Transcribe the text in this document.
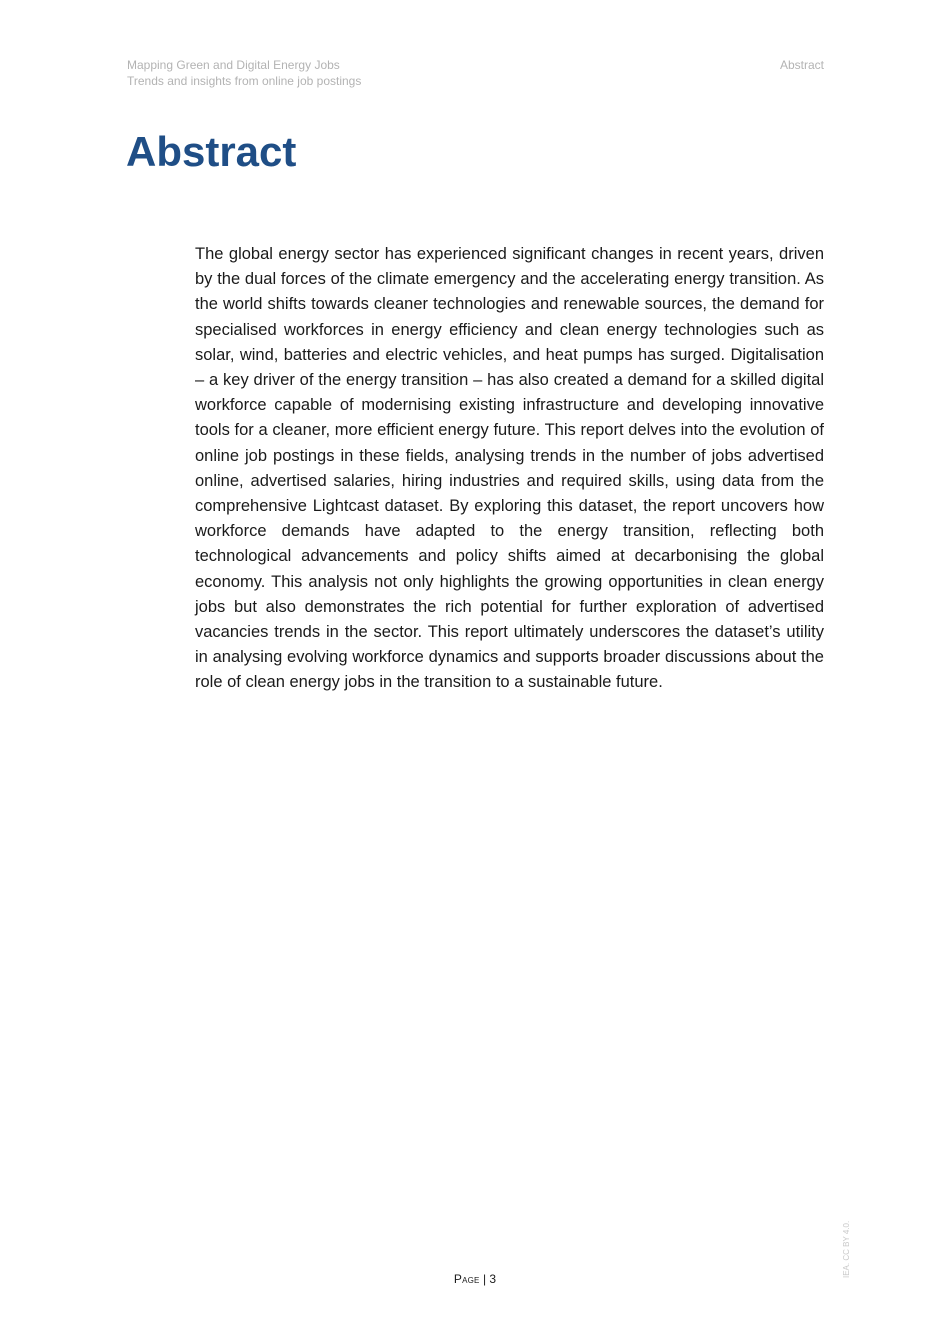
Mapping Green and Digital Energy Jobs
Trends and insights from online job postings
Abstract
Abstract

The global energy sector has experienced significant changes in recent years, driven by the dual forces of the climate emergency and the accelerating energy transition. As the world shifts towards cleaner technologies and renewable sources, the demand for specialised workforces in energy efficiency and clean energy technologies such as solar, wind, batteries and electric vehicles, and heat pumps has surged. Digitalisation – a key driver of the energy transition – has also created a demand for a skilled digital workforce capable of modernising existing infrastructure and developing innovative tools for a cleaner, more efficient energy future. This report delves into the evolution of online job postings in these fields, analysing trends in the number of jobs advertised online, advertised salaries, hiring industries and required skills, using data from the comprehensive Lightcast dataset. By exploring this dataset, the report uncovers how workforce demands have adapted to the energy transition, reflecting both technological advancements and policy shifts aimed at decarbonising the global economy. This analysis not only highlights the growing opportunities in clean energy jobs but also demonstrates the rich potential for further exploration of advertised vacancies trends in the sector. This report ultimately underscores the dataset’s utility in analysing evolving workforce dynamics and supports broader discussions about the role of clean energy jobs in the transition to a sustainable future.

Page | 3
IEA. CC BY 4.0.
